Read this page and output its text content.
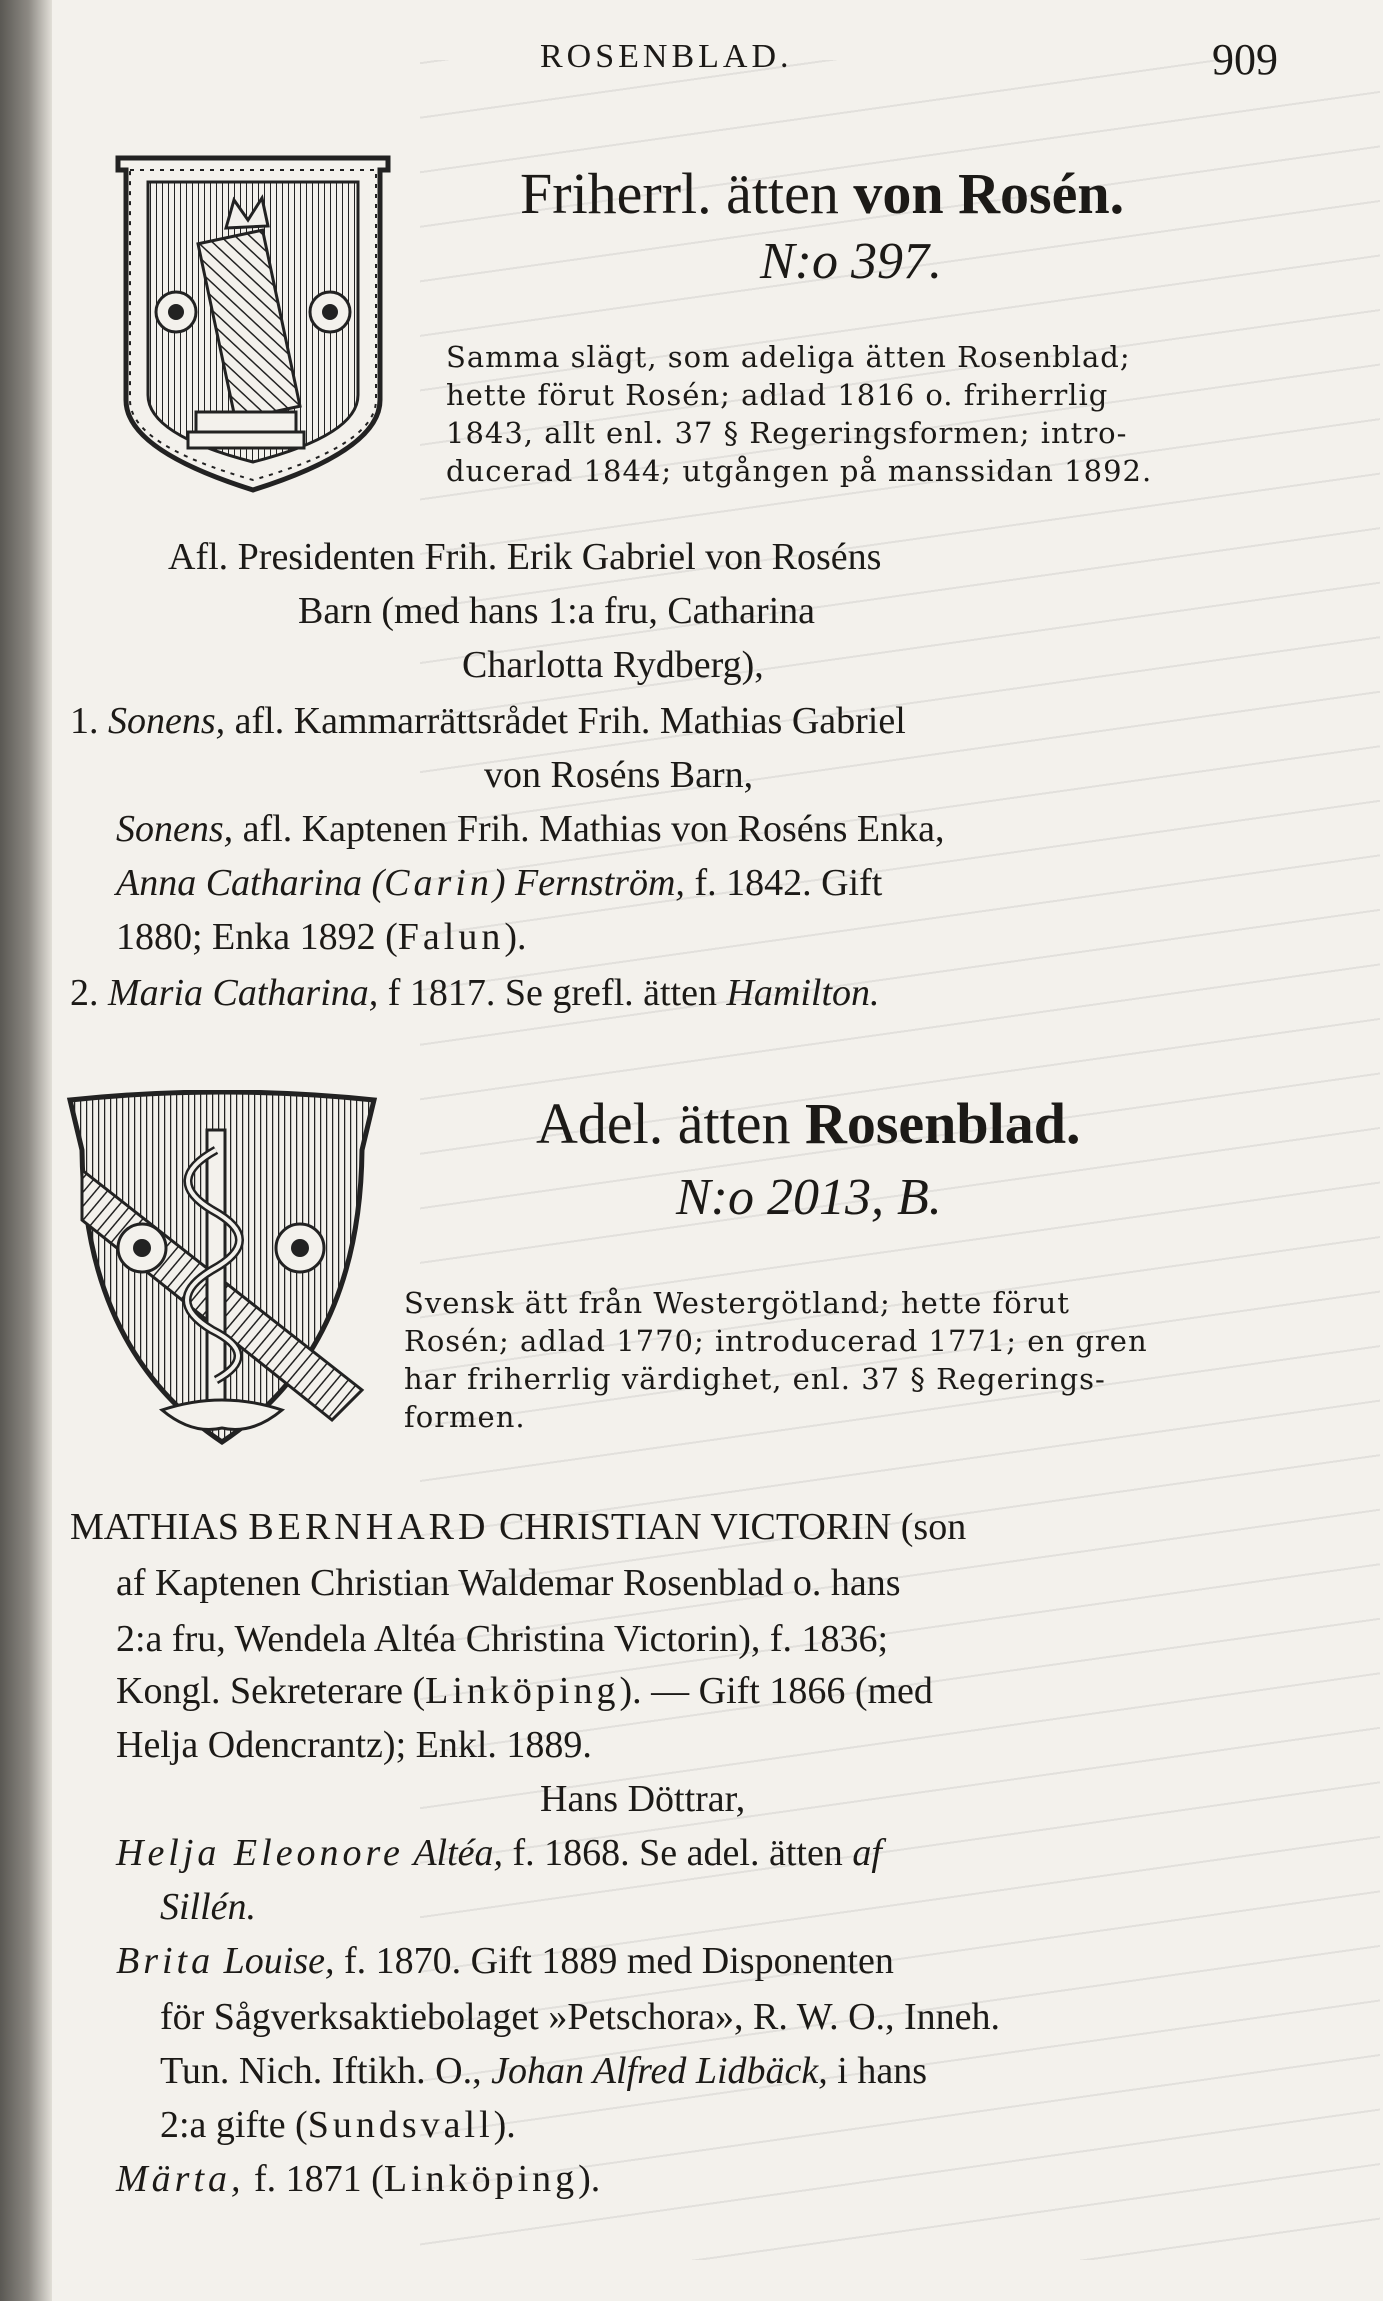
ROSENBLAD.	909
Friherrl. ätten von Rosén.
N:o 397.
Samma slägt, som adeliga ätten Rosenblad;
hette förut Rosén; adlad 1816 o. friherrlig
1843, allt enl. 37 § Regeringsformen; intro-
ducerad 1844; utgången på manssidan 1892.
Afl. Presidenten Frih. Erik Gabriel von Roséns
Barn (med hans 1:a fru, Catharina
Charlotta Rydberg),
1. Sonens, afl. Kammarrättsrådet Frih. Mathias Gabriel
von Roséns Barn,
Sonens, afl. Kaptenen Frih. Mathias von Roséns Enka,
Anna Catharina (Carin) Fernström, f. 1842. Gift
1880; Enka 1892 (Falun).
2. Maria Catharina, f 1817. Se grefl. ätten Hamilton.
Adel. ätten Rosenblad.
N:o 2013, B.
Svensk ätt från Westergötland; hette förut
Rosén; adlad 1770; introducerad 1771; en gren
har friherrlig värdighet, enl. 37 § Regerings-
formen.
MATHIAS BERNHARD CHRISTIAN VICTORIN (son
af Kaptenen Christian Waldemar Rosenblad o. hans
2:a fru, Wendela Altéa Christina Victorin), f. 1836;
Kongl. Sekreterare (Linköping). — Gift 1866 (med
Helja Odencrantz); Enkl. 1889.
Hans Döttrar,
Helja Eleonore Altéa, f. 1868. Se adel. ätten af
Sillén.
Brita Louise, f. 1870. Gift 1889 med Disponenten
för Sågverksaktiebolaget »Petschora», R. W. O., Inneh.
Tun. Nich. Iftikh. O., Johan Alfred Lidbäck, i hans
2:a gifte (Sundsvall).
Märta, f. 1871 (Linköping).
